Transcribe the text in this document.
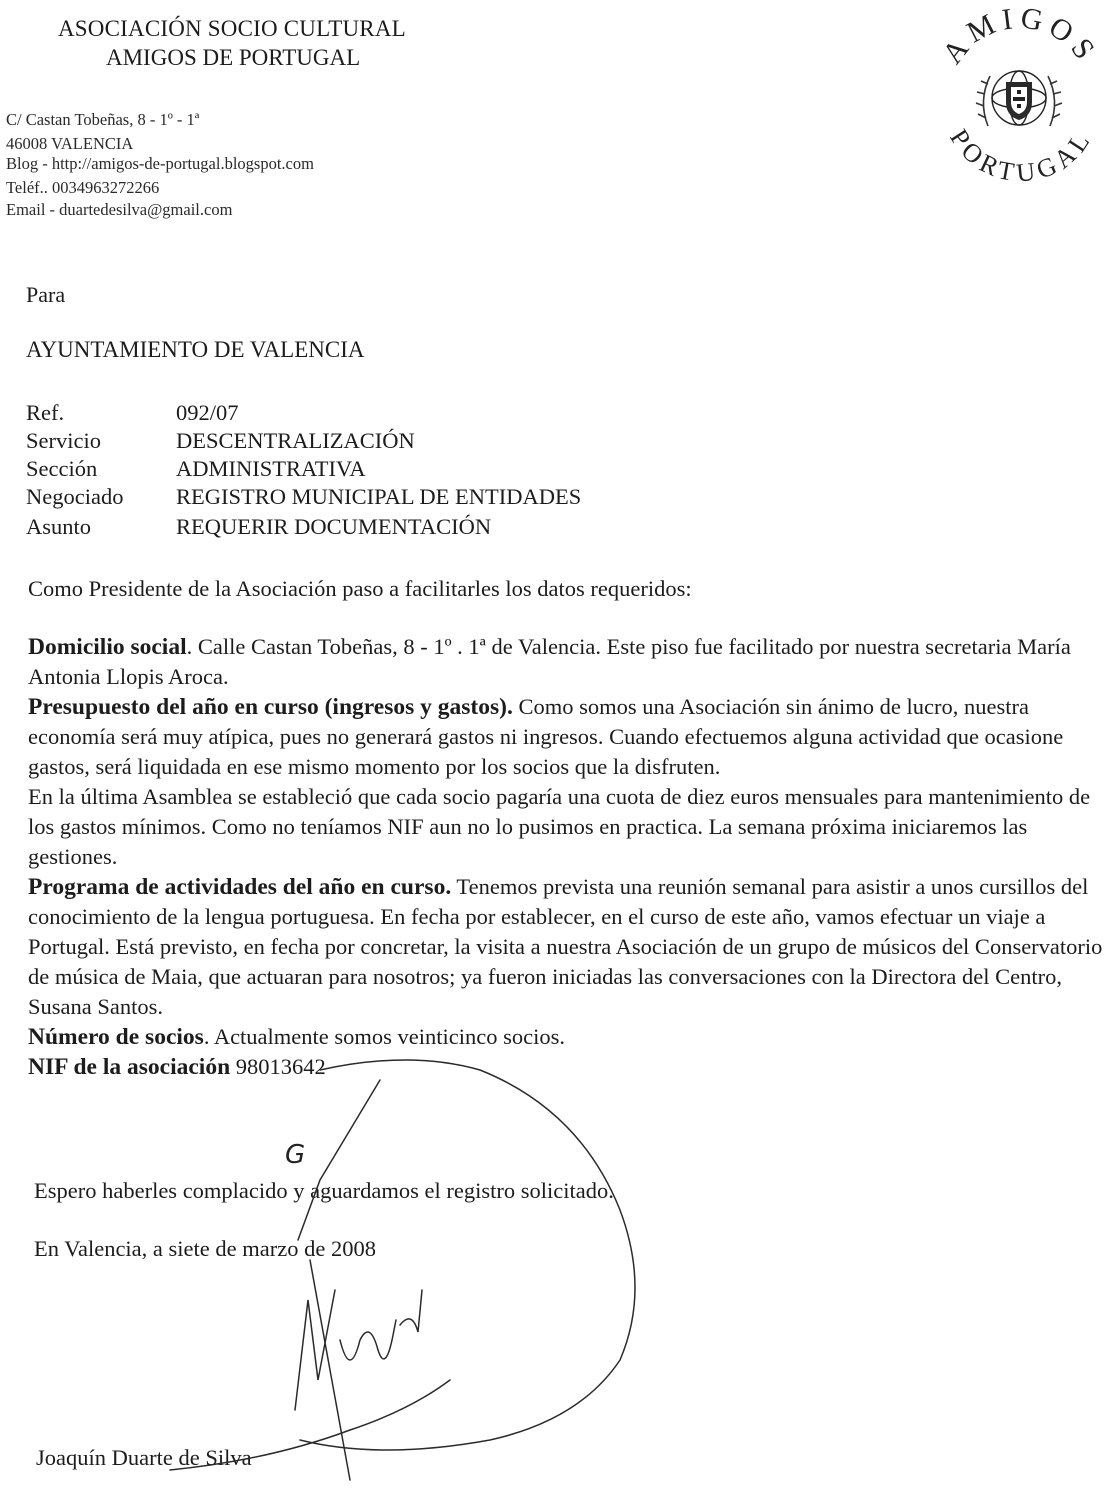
ASOCIACIÓN SOCIO CULTURAL
AMIGOS DE PORTUGAL
C/ Castan Tobeñas, 8 - 1º - 1ª
46008 VALENCIA
Blog - http://amigos-de-portugal.blogspot.com
Teléf.. 0034963272266
Email - duartedesilva@gmail.com
AMIGOS
PORTUGAL
Para
AYUNTAMIENTO DE VALENCIA
Ref.	092/07
Servicio	DESCENTRALIZACIÓN
Sección	ADMINISTRATIVA
Negociado REGISTRO MUNICIPAL DE ENTIDADES
Asunto	REQUERIR DOCUMENTACIÓN
Como Presidente de la Asociación paso a facilitarles los datos requeridos:

Domicilio social. Calle Castan Tobeñas, 8 - 1º . 1ª de Valencia. Este piso fue facilitado por nuestra secretaria María Antonia Llopis Aroca.

Presupuesto del año en curso (ingresos y gastos). Como somos una Asociación sin ánimo de lucro, nuestra economía será muy atípica, pues no generará gastos ni ingresos. Cuando efectuemos alguna actividad que ocasione gastos, será liquidada en ese mismo momento por los socios que la disfruten.

En la última Asamblea se estableció que cada socio pagaría una cuota de diez euros mensuales para mantenimiento de los gastos mínimos. Como no teníamos NIF aun no lo pusimos en practica. La semana próxima iniciaremos las gestiones.

Programa de actividades del año en curso. Tenemos prevista una reunión semanal para asistir a unos cursillos del conocimiento de la lengua portuguesa. En fecha por establecer, en el curso de este año, vamos efectuar un viaje a Portugal. Está previsto, en fecha por concretar, la visita a nuestra Asociación de un grupo de músicos del Conservatorio de música de Maia, que actuaran para nosotros; ya fueron iniciadas las conversaciones con la Directora del Centro, Susana Santos.

Número de socios. Actualmente somos veinticinco socios.

NIF de la asociación 98013642

G
Espero haberles complacido y aguardamos el registro solicitado.
En Valencia, a siete de marzo de 2008
Joaquín Duarte de Silva
